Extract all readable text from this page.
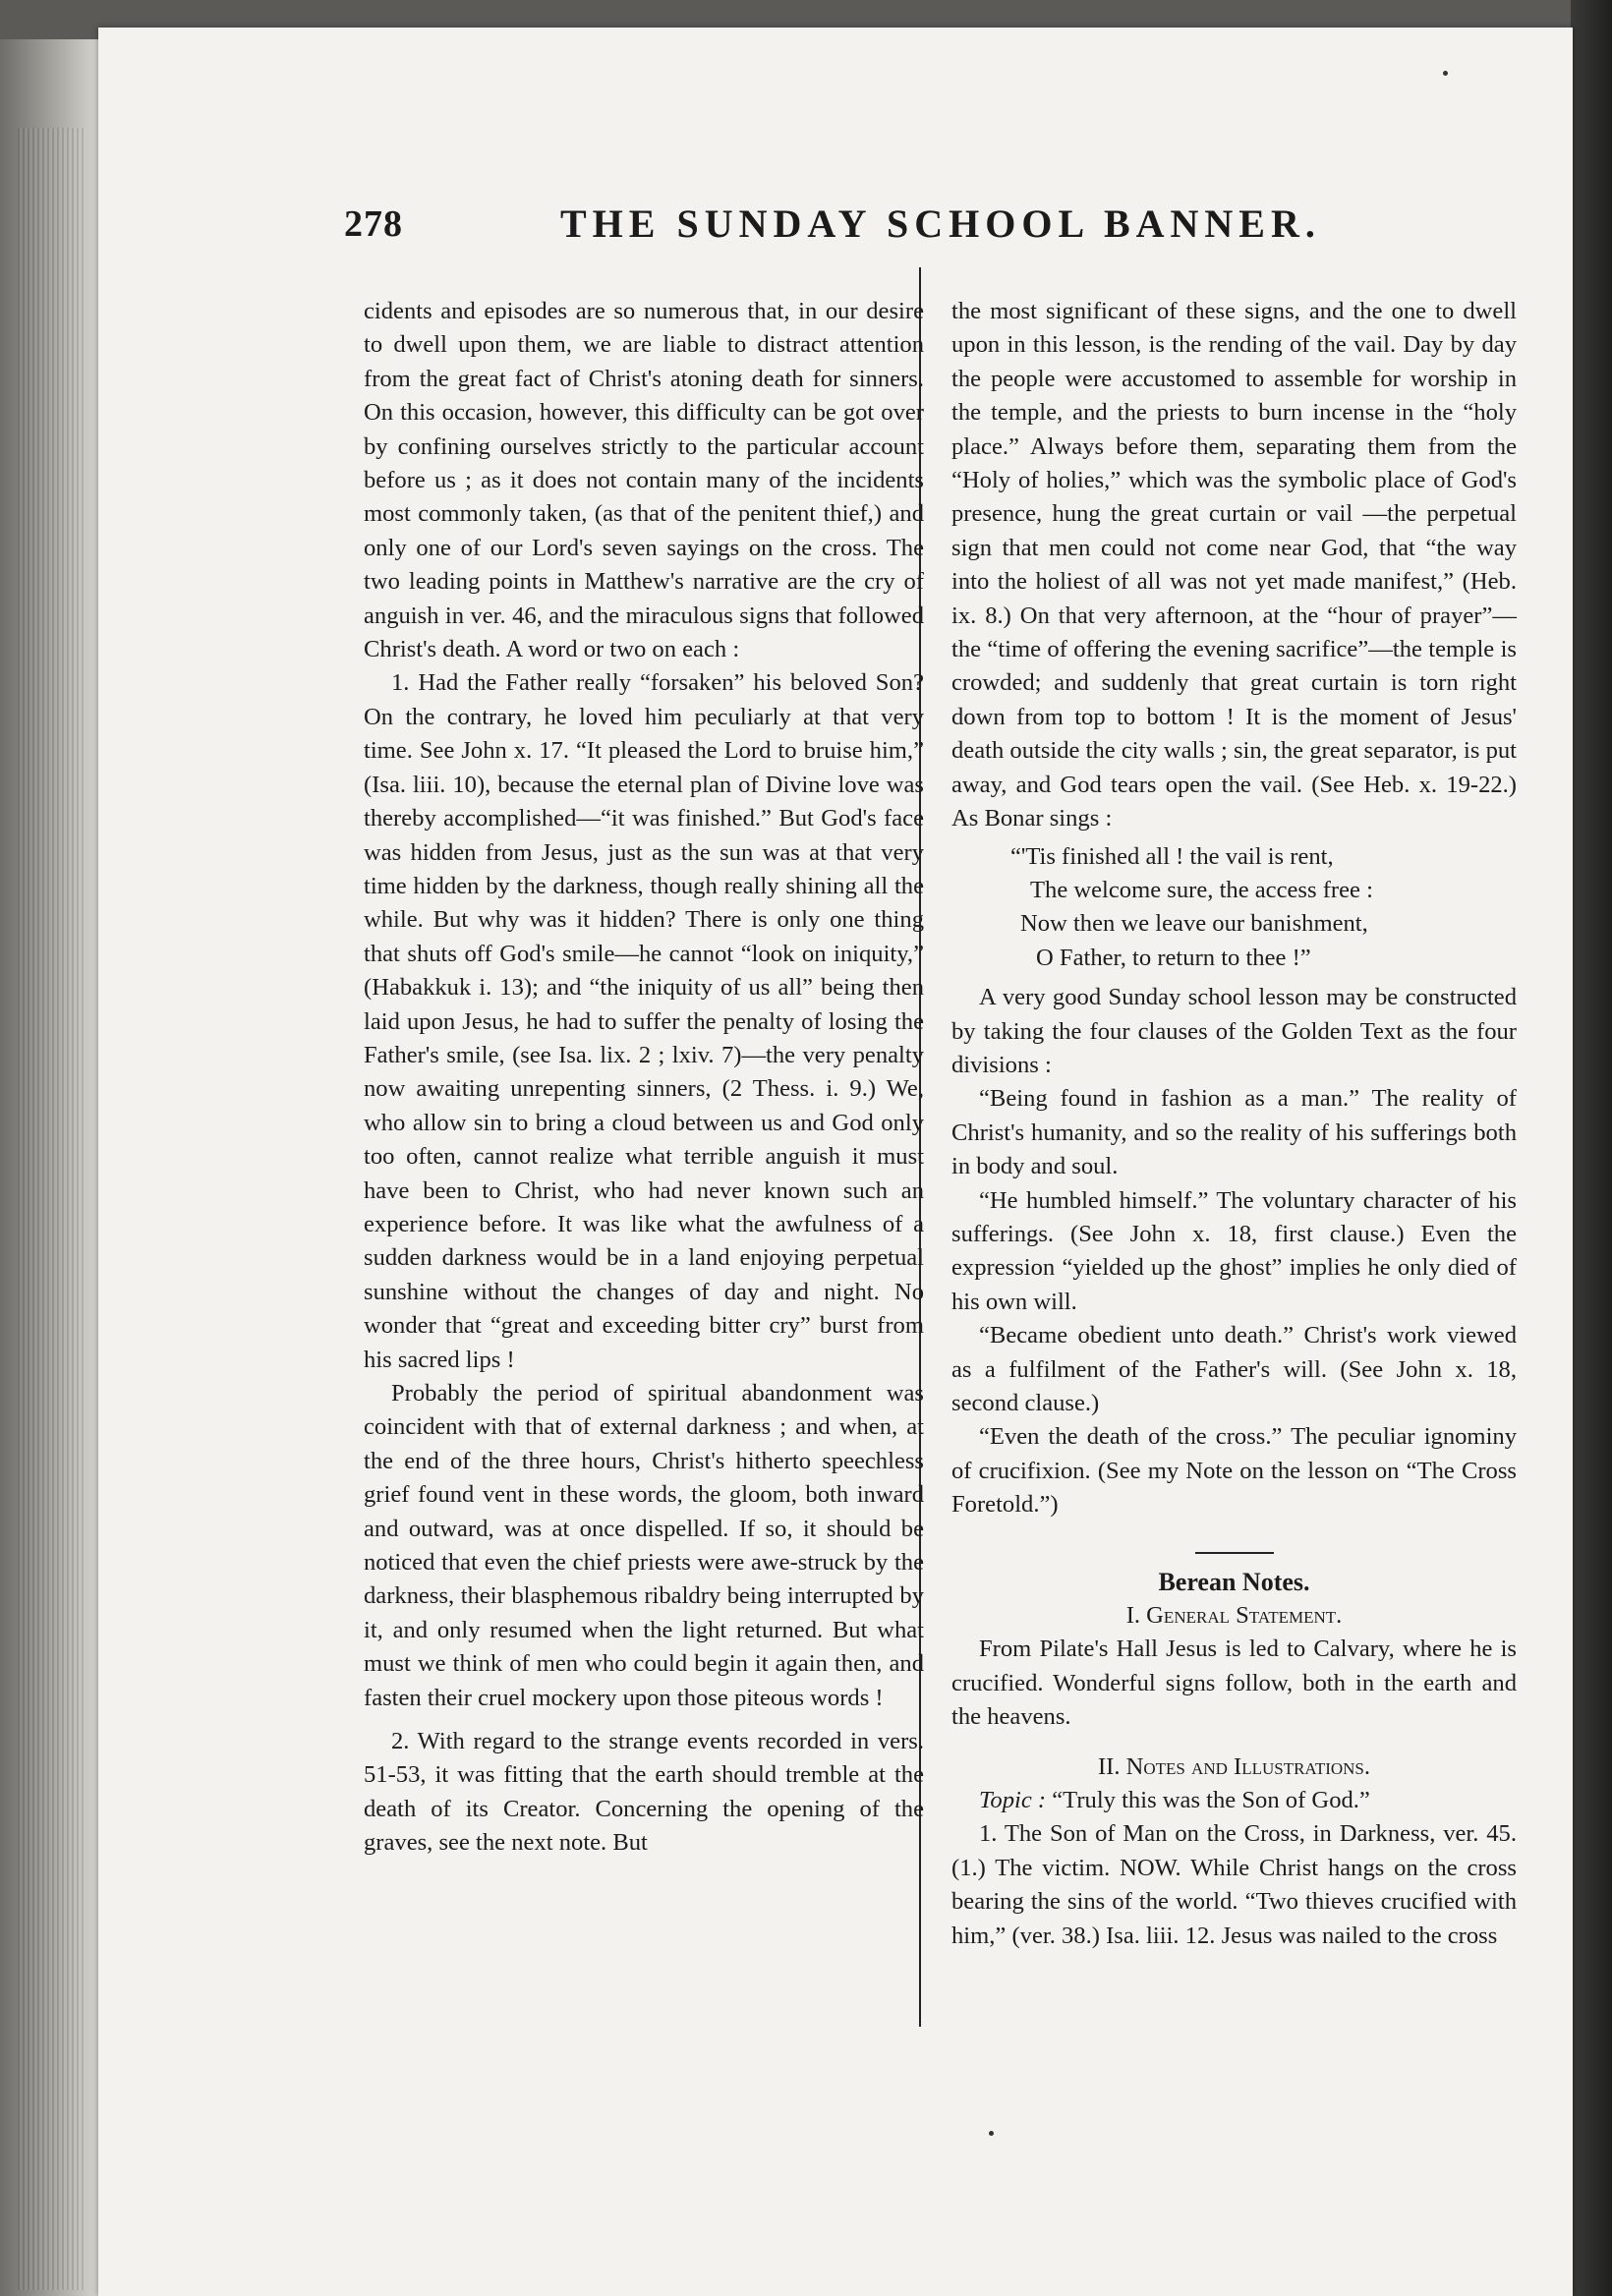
278	THE SUNDAY SCHOOL BANNER.

cidents and episodes are so numerous that, in our desire to dwell upon them, we are liable to distract attention from the great fact of Christ's atoning death for sinners. On this occasion, however, this difficulty can be got over by confining ourselves strictly to the particular account before us ; as it does not contain many of the incidents most commonly taken, (as that of the penitent thief,) and only one of our Lord's seven sayings on the cross. The two leading points in Matthew's narrative are the cry of anguish in ver. 46, and the miraculous signs that followed Christ's death. A word or two on each :

1. Had the Father really “forsaken” his beloved Son? On the contrary, he loved him peculiarly at that very time. See John x. 17. “It pleased the Lord to bruise him,” (Isa. liii. 10), because the eternal plan of Divine love was thereby accomplished—“it was finished.” But God's face was hidden from Jesus, just as the sun was at that very time hidden by the darkness, though really shining all the while. But why was it hidden? There is only one thing that shuts off God's smile—he cannot “look on iniquity,” (Habakkuk i. 13); and “the iniquity of us all” being then laid upon Jesus, he had to suffer the penalty of losing the Father's smile, (see Isa. lix. 2 ; lxiv. 7)—the very penalty now awaiting unrepenting sinners, (2 Thess. i. 9.) We, who allow sin to bring a cloud between us and God only too often, cannot realize what terrible anguish it must have been to Christ, who had never known such an experience before. It was like what the awfulness of a sudden darkness would be in a land enjoying perpetual sunshine without the changes of day and night. No wonder that “great and exceeding bitter cry” burst from his sacred lips !

Probably the period of spiritual abandonment was coincident with that of external darkness ; and when, at the end of the three hours, Christ's hitherto speechless grief found vent in these words, the gloom, both inward and outward, was at once dispelled. If so, it should be noticed that even the chief priests were awe-struck by the darkness, their blasphemous ribaldry being interrupted by it, and only resumed when the light returned. But what must we think of men who could begin it again then, and fasten their cruel mockery upon those piteous words !

2. With regard to the strange events recorded in vers. 51-53, it was fitting that the earth should tremble at the death of its Creator. Concerning the opening of the graves, see the next note. But

the most significant of these signs, and the one to dwell upon in this lesson, is the rending of the vail. Day by day the people were accustomed to assemble for worship in the temple, and the priests to burn incense in the “holy place.” Always before them, separating them from the “Holy of holies,” which was the symbolic place of God's presence, hung the great curtain or vail —the perpetual sign that men could not come near God, that “the way into the holiest of all was not yet made manifest,” (Heb. ix. 8.) On that very afternoon, at the “hour of prayer”—the “time of offering the evening sacrifice”—the temple is crowded; and suddenly that great curtain is torn right down from top to bottom ! It is the moment of Jesus' death outside the city walls ; sin, the great separator, is put away, and God tears open the vail. (See Heb. x. 19-22.) As Bonar sings :

“'Tis finished all ! the vail is rent,
The welcome sure, the access free :
Now then we leave our banishment,
O Father, to return to thee !”

A very good Sunday school lesson may be constructed by taking the four clauses of the Golden Text as the four divisions :

“Being found in fashion as a man.” The reality of Christ's humanity, and so the reality of his sufferings both in body and soul.

“He humbled himself.” The voluntary character of his sufferings. (See John x. 18, first clause.) Even the expression “yielded up the ghost” implies he only died of his own will.

“Became obedient unto death.” Christ's work viewed as a fulfilment of the Father's will. (See John x. 18, second clause.)

“Even the death of the cross.” The peculiar ignominy of crucifixion. (See my Note on the lesson on “The Cross Foretold.”)

Berean Notes.

I. General Statement.

From Pilate's Hall Jesus is led to Calvary, where he is crucified. Wonderful signs follow, both in the earth and the heavens.

II. Notes and Illustrations.

Topic : “Truly this was the Son of God.”

1. The Son of Man on the Cross, in Darkness, ver. 45. (1.) The victim. NOW. While Christ hangs on the cross bearing the sins of the world. “Two thieves crucified with him,” (ver. 38.) Isa. liii. 12. Jesus was nailed to the cross
